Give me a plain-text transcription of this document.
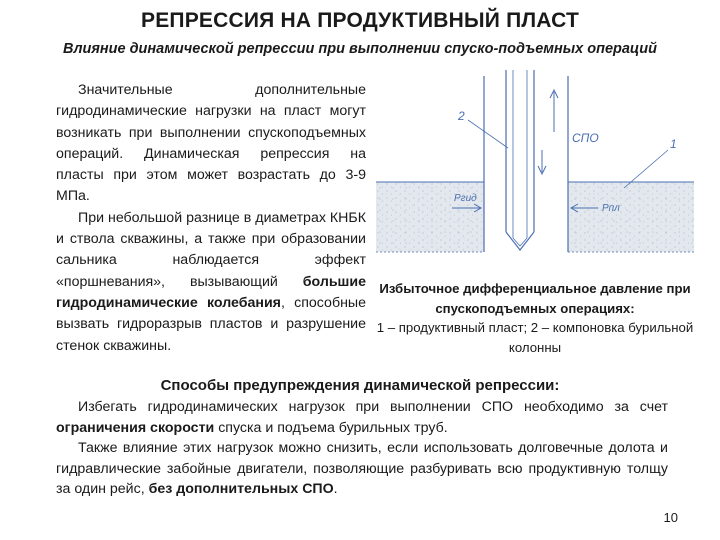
РЕПРЕССИЯ НА ПРОДУКТИВНЫЙ ПЛАСТ
Влияние динамической репрессии при выполнении спуско-подъемных операций

Значительные дополнительные гидродинамические нагрузки на пласт могут возникать при выполнении спускоподъемных операций. Динамическая репрессия на пласты при этом может возрастать до 3-9 МПа.

При небольшой разнице в диаметрах КНБК и ствола скважины, а также при образовании сальника наблюдается эффект «поршневания», вызывающий большие гидродинамические колебания, способные вызвать гидроразрыв пластов и разрушение стенок скважины.

2
СПО	1
Pгид
Pпл
Избыточное дифференциальное давление при спускоподъемных операциях:
1 – продуктивный пласт; 2 – компоновка бурильной колонны
Способы предупреждения динамической репрессии:

Избегать гидродинамических нагрузок при выполнении СПО необходимо за счет ограничения скорости спуска и подъема бурильных труб.

Также влияние этих нагрузок можно снизить, если использовать долговечные долота и гидравлические забойные двигатели, позволяющие разбуривать всю продуктивную толщу за один рейс, без дополнительных СПО.

10
